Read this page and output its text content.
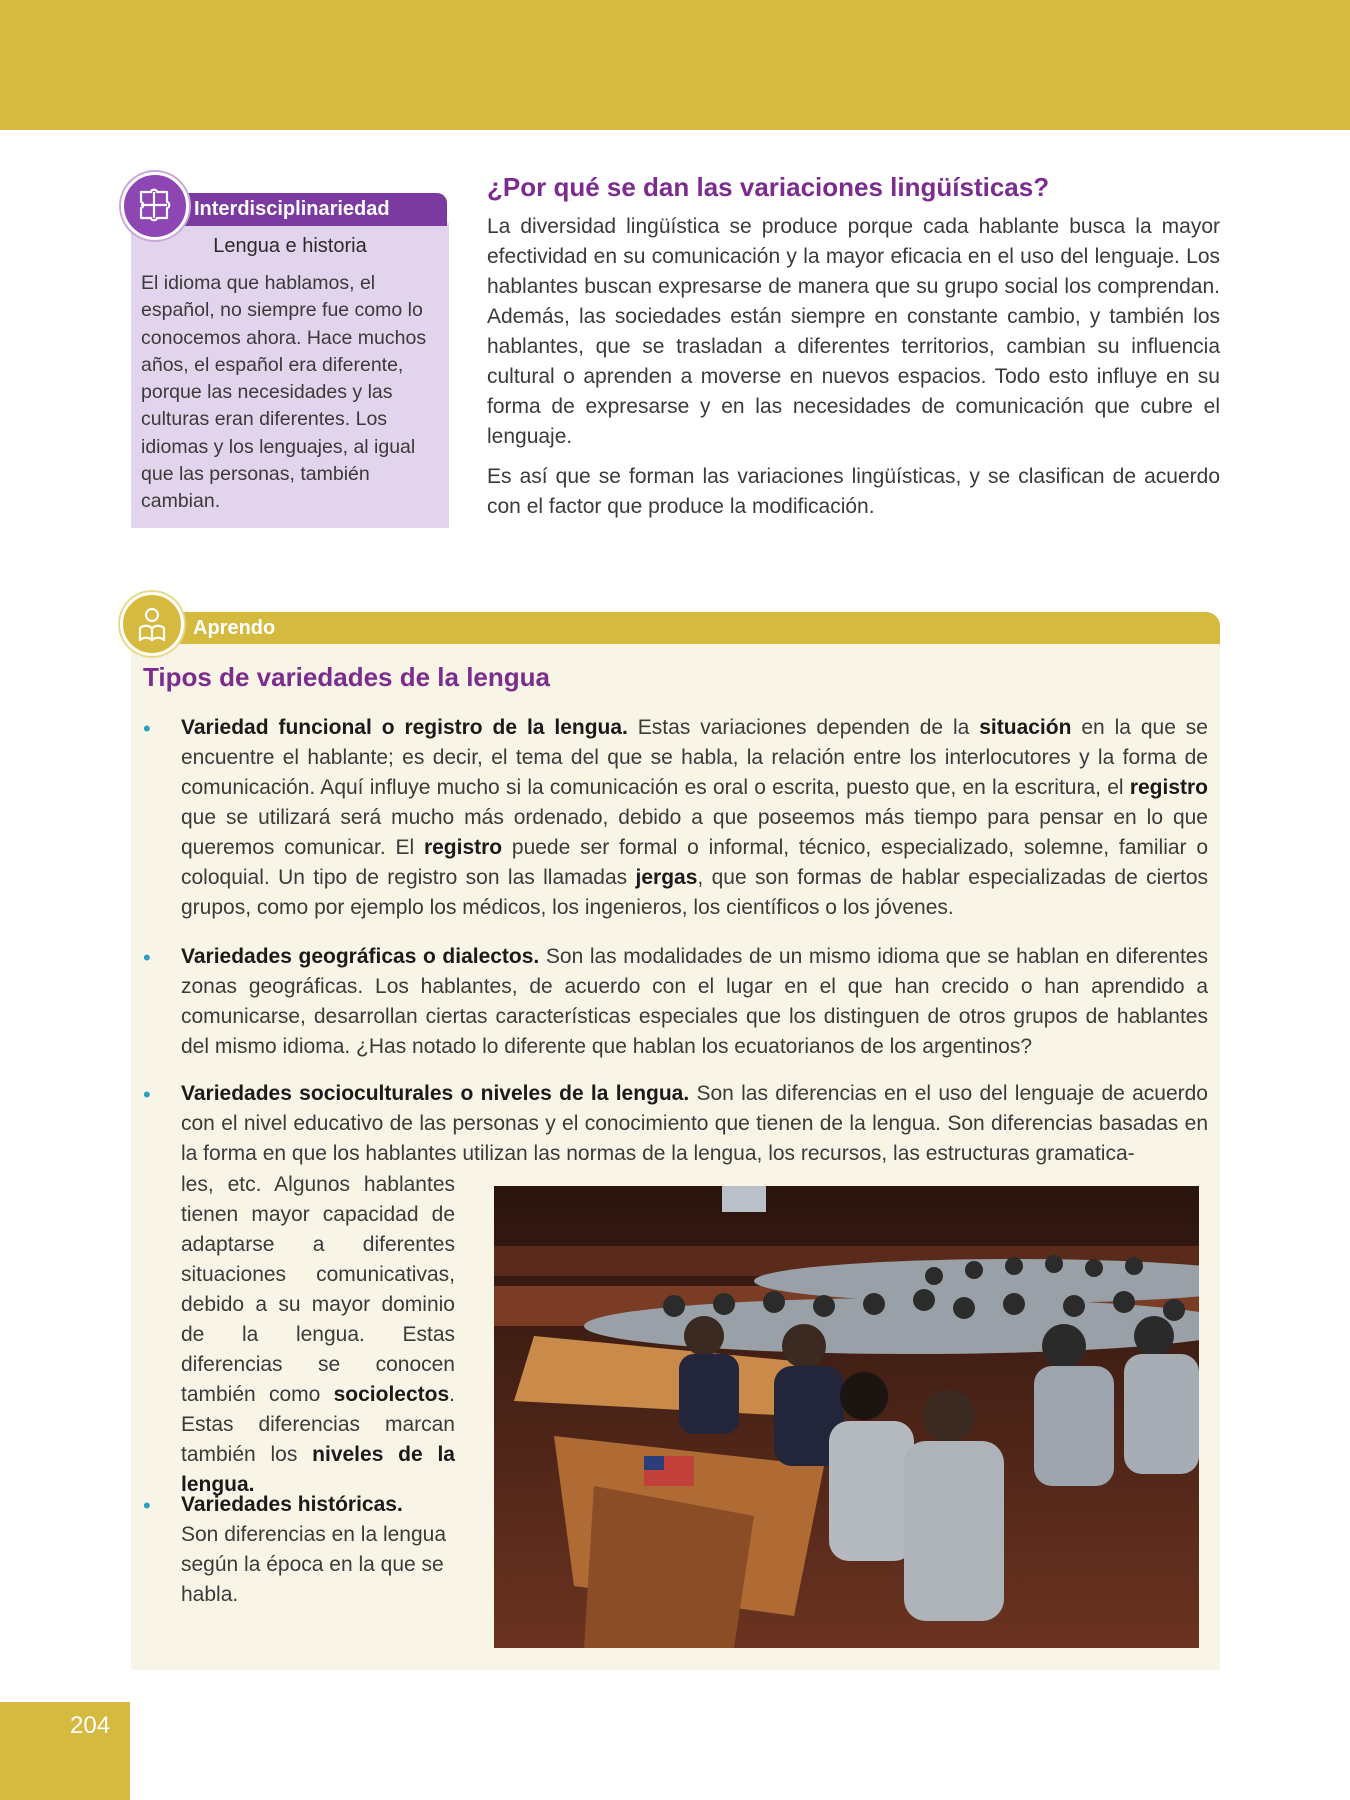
Interdisciplinariedad
Lengua e historia

El idioma que hablamos, el español, no siempre fue como lo conocemos ahora. Hace muchos años, el español era diferente, porque las necesidades y las culturas eran diferentes. Los idiomas y los lenguajes, al igual que las personas, también cambian.

¿Por qué se dan las variaciones lingüísticas?

La diversidad lingüística se produce porque cada hablante busca la mayor efectividad en su comunicación y la mayor eficacia en el uso del lenguaje. Los hablantes buscan expresarse de manera que su grupo social los comprendan. Además, las sociedades están siempre en constante cambio, y también los hablantes, que se trasladan a diferentes territorios, cambian su influencia cultural o aprenden a moverse en nuevos espacios. Todo esto influye en su forma de expresarse y en las necesidades de comunicación que cubre el lenguaje.

Es así que se forman las variaciones lingüísticas, y se clasifican de acuerdo con el factor que produce la modificación.

Aprendo
Tipos de variedades de la lengua
• Variedad funcional o registro de la lengua. Estas variaciones dependen de la situación en la que se encuentre el hablante; es decir, el tema del que se habla, la relación entre los interlocutores y la forma de comunicación. Aquí influye mucho si la comunicación es oral o escrita, puesto que, en la escritura, el registro que se utilizará será mucho más ordenado, debido a que poseemos más tiempo para pensar en lo que queremos comunicar. El registro puede ser formal o informal, técnico, especializado, solemne, familiar o coloquial. Un tipo de registro son las llamadas jergas, que son formas de hablar especializadas de ciertos grupos, como por ejemplo los médicos, los ingenieros, los científicos o los jóvenes.

• Variedades geográficas o dialectos. Son las modalidades de un mismo idioma que se hablan en diferentes zonas geográficas. Los hablantes, de acuerdo con el lugar en el que han crecido o han aprendido a comunicarse, desarrollan ciertas características especiales que los distinguen de otros grupos de hablantes del mismo idioma. ¿Has notado lo diferente que hablan los ecuatorianos de los argentinos?

• Variedades socioculturales o niveles de la lengua. Son las diferencias en el uso del lenguaje de acuerdo con el nivel educativo de las personas y el conocimiento que tienen de la lengua. Son diferencias basadas en la forma en que los hablantes utilizan las normas de la lengua, los recursos, las estructuras gramatica-

les, etc. Algunos hablantes tienen mayor capacidad de adaptarse a diferentes situaciones comunicativas, debido a su mayor dominio de la lengua. Estas diferencias se conocen también como sociolectos. Estas diferencias marcan también los niveles de la lengua.

• Variedades históricas.
Son diferencias en la lengua según la época en la que se habla.

204
